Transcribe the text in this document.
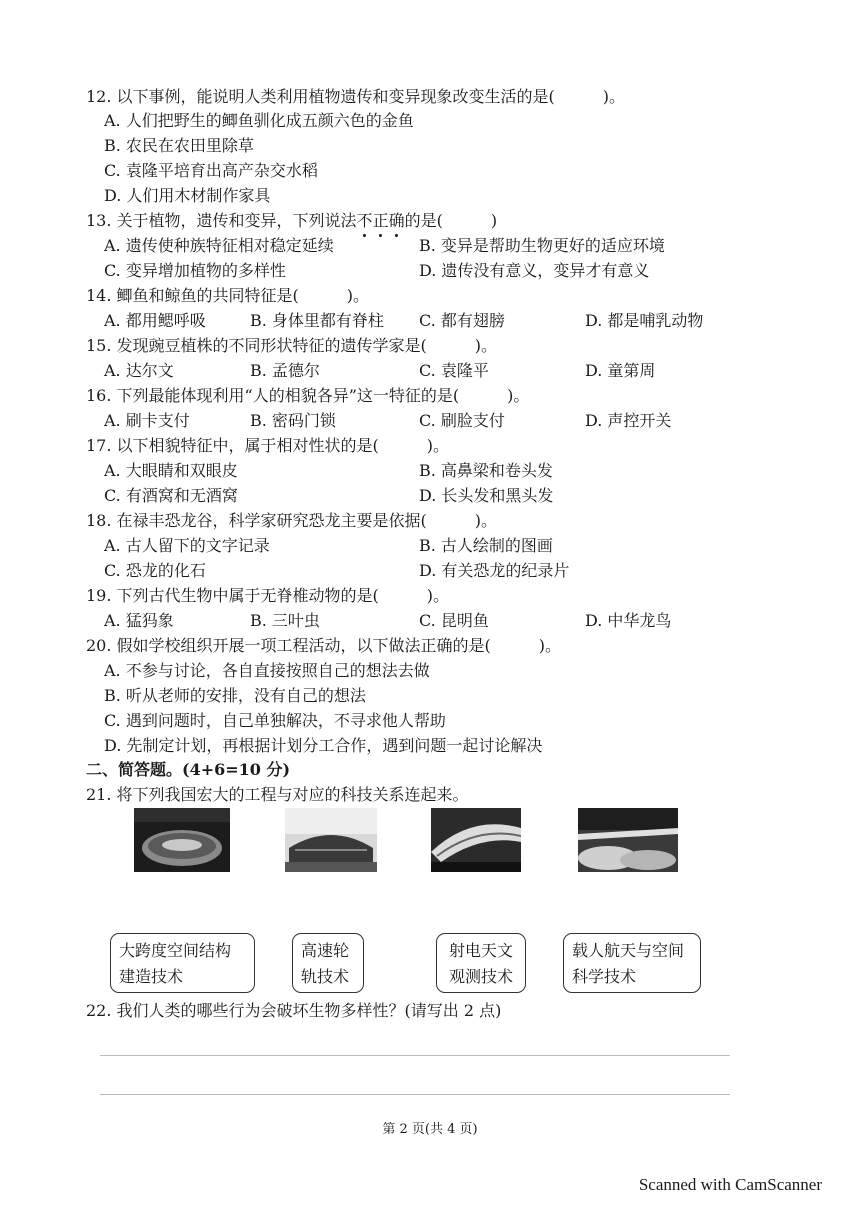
12. 以下事例，能说明人类利用植物遗传和变异现象改变生活的是(　　　)。
A. 人们把野生的鲫鱼驯化成五颜六色的金鱼
B. 农民在农田里除草
C. 袁隆平培育出高产杂交水稻
D. 人们用木材制作家具
13. 关于植物，遗传和变异，下列说法不正确的是(　　　)
A. 遗传使种族特征相对稳定延续	B. 变异是帮助生物更好的适应环境
C. 变异增加植物的多样性	D. 遗传没有意义，变异才有意义
14. 鲫鱼和鲸鱼的共同特征是(　　　)。
A. 都用鳃呼吸	B. 身体里都有脊柱 C. 都有翅膀	D. 都是哺乳动物
15. 发现豌豆植株的不同形状特征的遗传学家是(　　　)。
A. 达尔文	B. 孟德尔	C. 袁隆平	D. 童第周
16. 下列最能体现利用“人的相貌各异”这一特征的是(　　　)。
A. 刷卡支付	B. 密码门锁	C. 刷脸支付	D. 声控开关
17. 以下相貌特征中，属于相对性状的是(　　　)。
A. 大眼睛和双眼皮	B. 高鼻梁和卷头发
C. 有酒窝和无酒窝	D. 长头发和黑头发
18. 在禄丰恐龙谷，科学家研究恐龙主要是依据(　　　)。
A. 古人留下的文字记录	B. 古人绘制的图画
C. 恐龙的化石	D. 有关恐龙的纪录片
19. 下列古代生物中属于无脊椎动物的是(　　　)。
A. 猛犸象	B. 三叶虫	C. 昆明鱼	D. 中华龙鸟
20. 假如学校组织开展一项工程活动，以下做法正确的是(　　　)。
A. 不参与讨论，各自直接按照自己的想法去做
B. 听从老师的安排，没有自己的想法
C. 遇到问题时，自己单独解决，不寻求他人帮助
D. 先制定计划，再根据计划分工合作，遇到问题一起讨论解决
二、简答题。(4+6=10 分)
21. 将下列我国宏大的工程与对应的科技关系连起来。
大跨度空间结构
建造技术
高速轮
轨技术
射电天文
观测技术
载人航天与空间
科学技术
22. 我们人类的哪些行为会破坏生物多样性？(请写出 2 点)
第 2 页(共 4 页)
Scanned with CamScanner
